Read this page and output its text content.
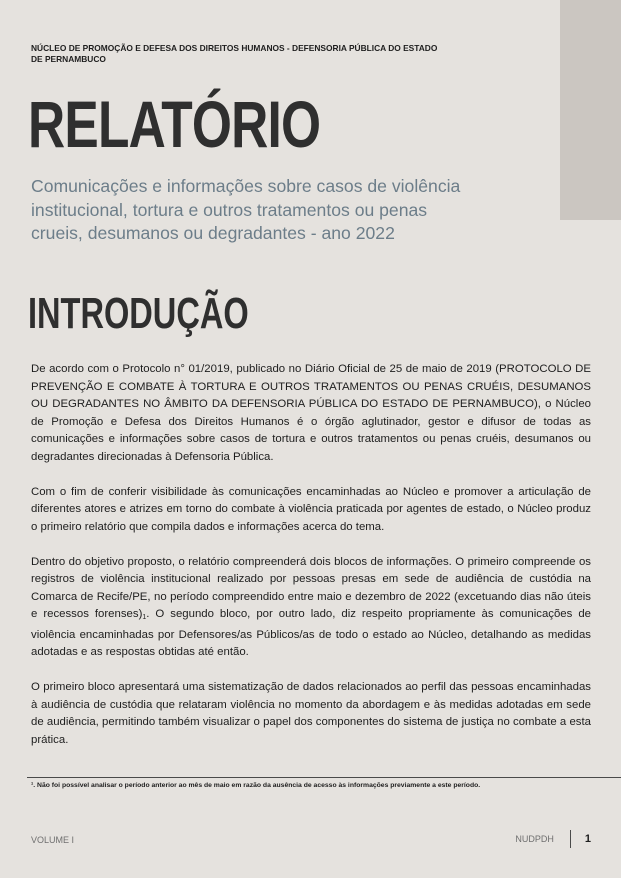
NÚCLEO DE PROMOÇÃO E DEFESA DOS DIREITOS HUMANOS - DEFENSORIA PÚBLICA DO ESTADO DE PERNAMBUCO
RELATÓRIO
Comunicações e informações sobre casos de violência institucional, tortura e outros tratamentos ou penas crueis, desumanos ou degradantes - ano 2022
INTRODUÇÃO

De acordo com o Protocolo n° 01/2019, publicado no Diário Oficial de 25 de maio de 2019 (PROTOCOLO DE PREVENÇÃO E COMBATE À TORTURA E OUTROS TRATAMENTOS OU PENAS CRUÉIS, DESUMANOS OU DEGRADANTES NO ÂMBITO DA DEFENSORIA PÚBLICA DO ESTADO DE PERNAMBUCO), o Núcleo de Promoção e Defesa dos Direitos Humanos é o órgão aglutinador, gestor e difusor de todas as comunicações e informações sobre casos de tortura e outros tratamentos ou penas cruéis, desumanos ou degradantes direcionadas à Defensoria Pública.

Com o fim de conferir visibilidade às comunicações encaminhadas ao Núcleo e promover a articulação de diferentes atores e atrizes em torno do combate à violência praticada por agentes de estado, o Núcleo produz o primeiro relatório que compila dados e informações acerca do tema.

Dentro do objetivo proposto, o relatório compreenderá dois blocos de informações. O primeiro compreende os registros de violência institucional realizado por pessoas presas em sede de audiência de custódia na Comarca de Recife/PE, no período compreendido entre maio e dezembro de 2022 (excetuando dias não úteis e recessos $forenses)_1$. O segundo bloco, por outro lado, diz respeito propriamente às comunicações de violência encaminhadas por Defensores/as Públicos/as de todo o estado ao Núcleo, detalhando as medidas adotadas e as respostas obtidas até então.

O primeiro bloco apresentará uma sistematização de dados relacionados ao perfil das pessoas encaminhadas à audiência de custódia que relataram violência no momento da abordagem e às medidas adotadas em sede de audiência, permitindo também visualizar o papel dos componentes do sistema de justiça no combate a esta prática.

¹. Não foi possível analisar o período anterior ao mês de maio em razão da ausência de acesso às informações previamente a este período.
VOLUME I	NUDPDH	1
